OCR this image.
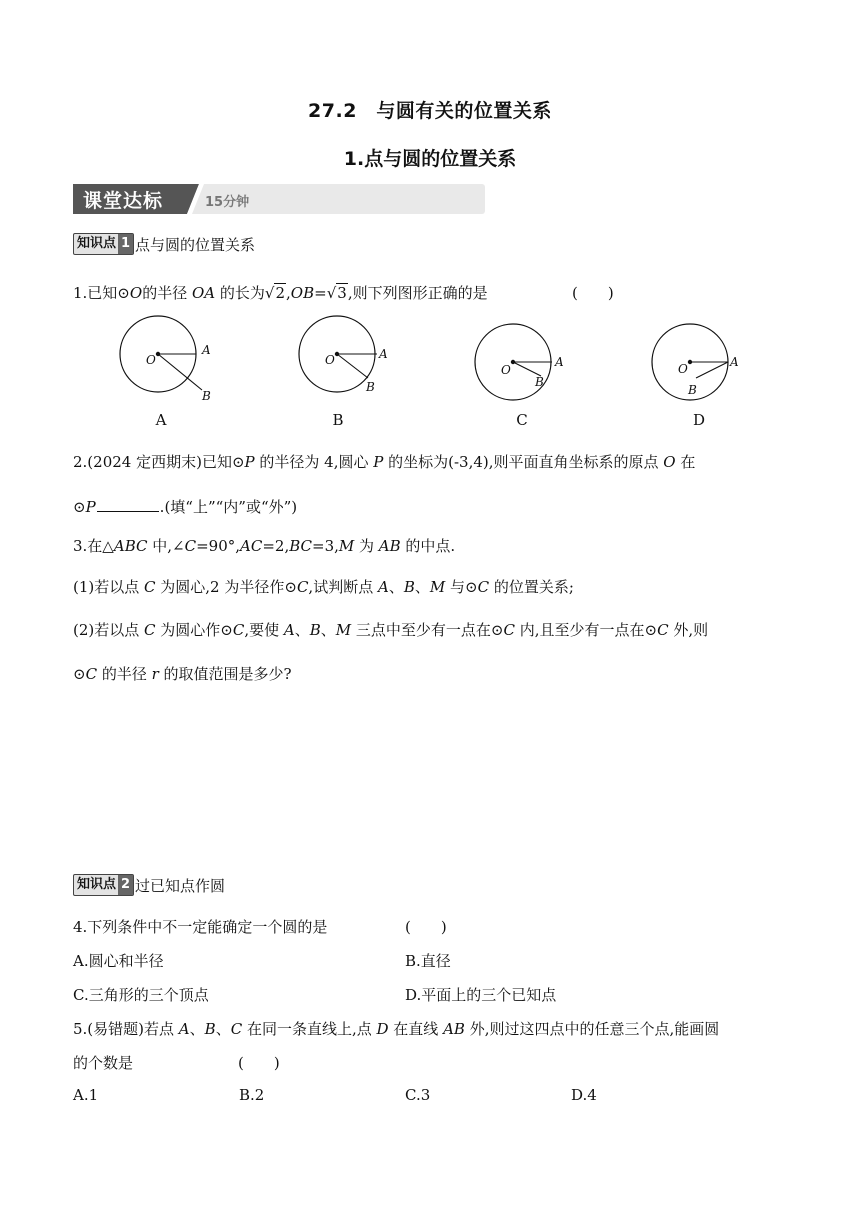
27.2　与圆有关的位置关系
1.点与圆的位置关系
课堂达标	15分钟
知识点 1 点与圆的位置关系
1.已知⊙O的半径 OA 的长为√2,OB=√3,则下列图形正确的是	(　　)
O
A
B
O	A
B
O
A
B
O	A
B
A	B	C	D
2.(2024 定西期末)已知⊙P 的半径为 4,圆心 P 的坐标为(-3,4),则平面直角坐标系的原点 O 在
⊙P	.(填“上”“内”或“外”)
3.在△ABC 中,∠C=90°,AC=2,BC=3,M 为 AB 的中点.
(1)若以点 C 为圆心,2 为半径作⊙C,试判断点 A、B、M 与⊙C 的位置关系;
(2)若以点 C 为圆心作⊙C,要使 A、B、M 三点中至少有一点在⊙C 内,且至少有一点在⊙C 外,则
⊙C 的半径 r 的取值范围是多少?
知识点 2 过已知点作圆
4.下列条件中不一定能确定一个圆的是	(　　)
A.圆心和半径	B.直径
C.三角形的三个顶点	D.平面上的三个已知点
5.(易错题)若点 A、B、C 在同一条直线上,点 D 在直线 AB 外,则过这四点中的任意三个点,能画圆
的个数是	(　　)
A.1	B.2	C.3	D.4
